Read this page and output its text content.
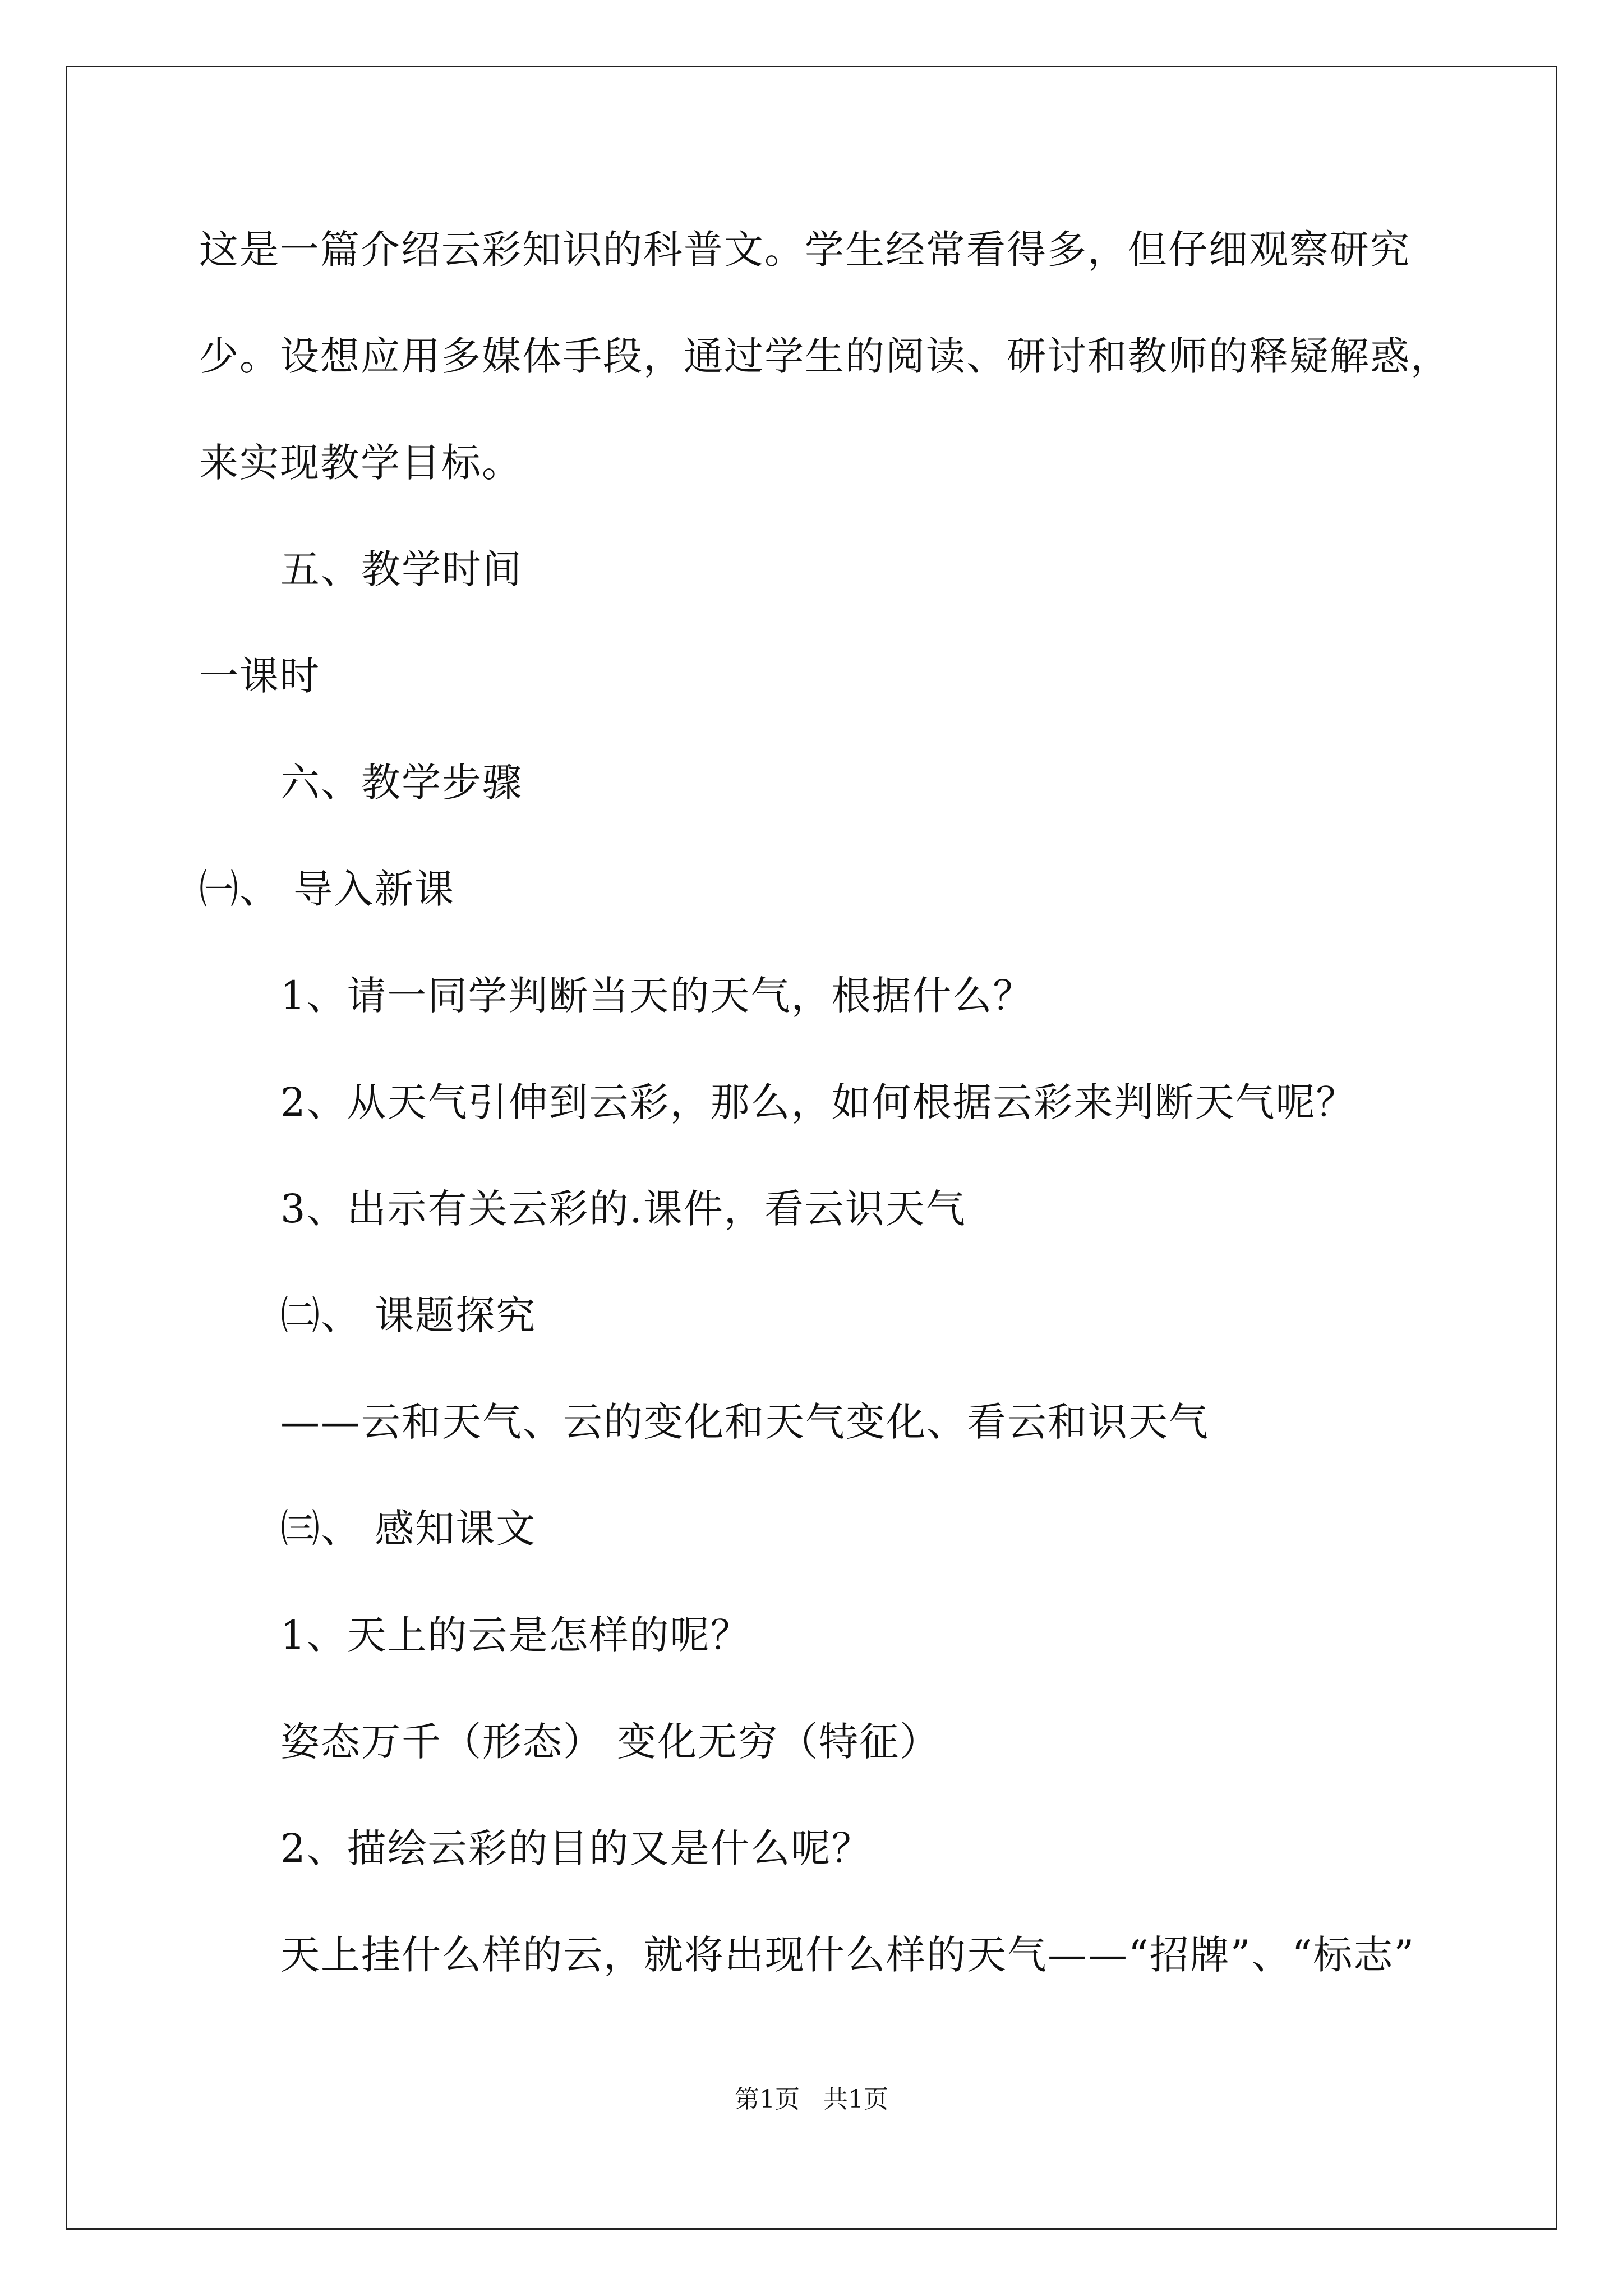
这是一篇介绍云彩知识的科普文。学生经常看得多，但仔细观察研究
少。设想应用多媒体手段，通过学生的阅读、研讨和教师的释疑解惑，
来实现教学目标。
五、教学时间
一课时
六、教学步骤
㈠、 导入新课
1、请一同学判断当天的天气，根据什么？
2、从天气引伸到云彩，那么，如何根据云彩来判断天气呢？
3、出示有关云彩的.课件，看云识天气
㈡、 课题探究
——云和天气、云的变化和天气变化、看云和识天气
㈢、 感知课文
1、天上的云是怎样的呢？
姿态万千（形态） 变化无穷（特征）
2、描绘云彩的目的又是什么呢？
天上挂什么样的云，就将出现什么样的天气——“招牌”、“标志”
第1页   共1页
